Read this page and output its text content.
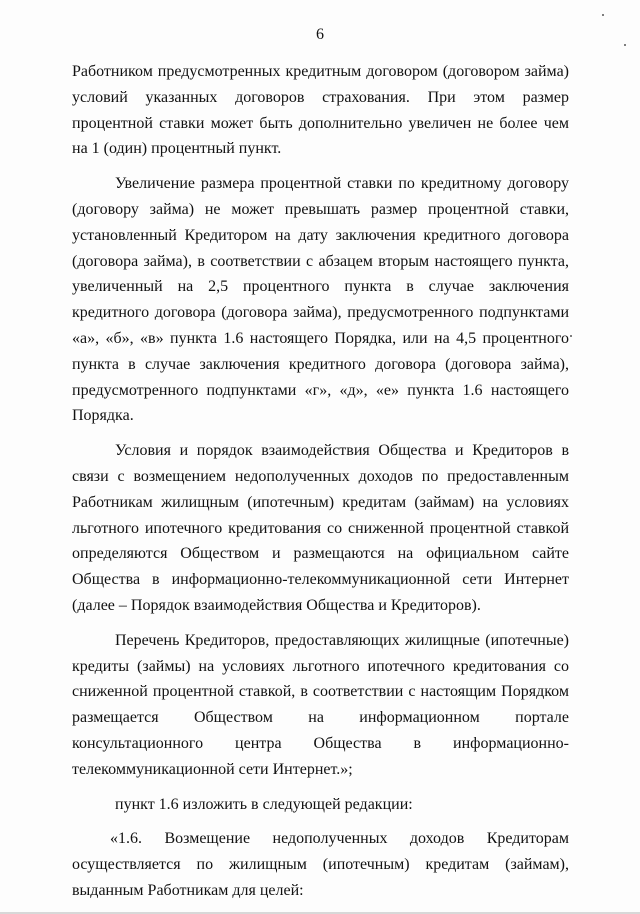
6

Работником предусмотренных кредитным договором (договором займа) условий указанных договоров страхования. При этом размер процентной ставки может быть дополнительно увеличен не более чем на 1 (один) процентный пункт.

Увеличение размера процентной ставки по кредитному договору (договору займа) не может превышать размер процентной ставки, установленный Кредитором на дату заключения кредитного договора (договора займа), в соответствии с абзацем вторым настоящего пункта, увеличенный на 2,5 процентного пункта в случае заключения кредитного договора (договора займа), предусмотренного подпунктами «а», «б», «в» пункта 1.6 настоящего Порядка, или на 4,5 процентного пункта в случае заключения кредитного договора (договора займа), предусмотренного подпунктами «г», «д», «е» пункта 1.6 настоящего Порядка.

Условия и порядок взаимодействия Общества и Кредиторов в связи с возмещением недополученных доходов по предоставленным Работникам жилищным (ипотечным) кредитам (займам) на условиях льготного ипотечного кредитования со сниженной процентной ставкой определяются Обществом и размещаются на официальном сайте Общества в информационно-телекоммуникационной сети Интернет (далее – Порядок взаимодействия Общества и Кредиторов).

Перечень Кредиторов, предоставляющих жилищные (ипотечные) кредиты (займы) на условиях льготного ипотечного кредитования со сниженной процентной ставкой, в соответствии с настоящим Порядком размещается Обществом на информационном портале консультационного центра Общества в информационно-телекоммуникационной сети Интернет.»;

пункт 1.6 изложить в следующей редакции:

«1.6. Возмещение недополученных доходов Кредиторам осуществляется по жилищным (ипотечным) кредитам (займам), выданным Работникам для целей:
